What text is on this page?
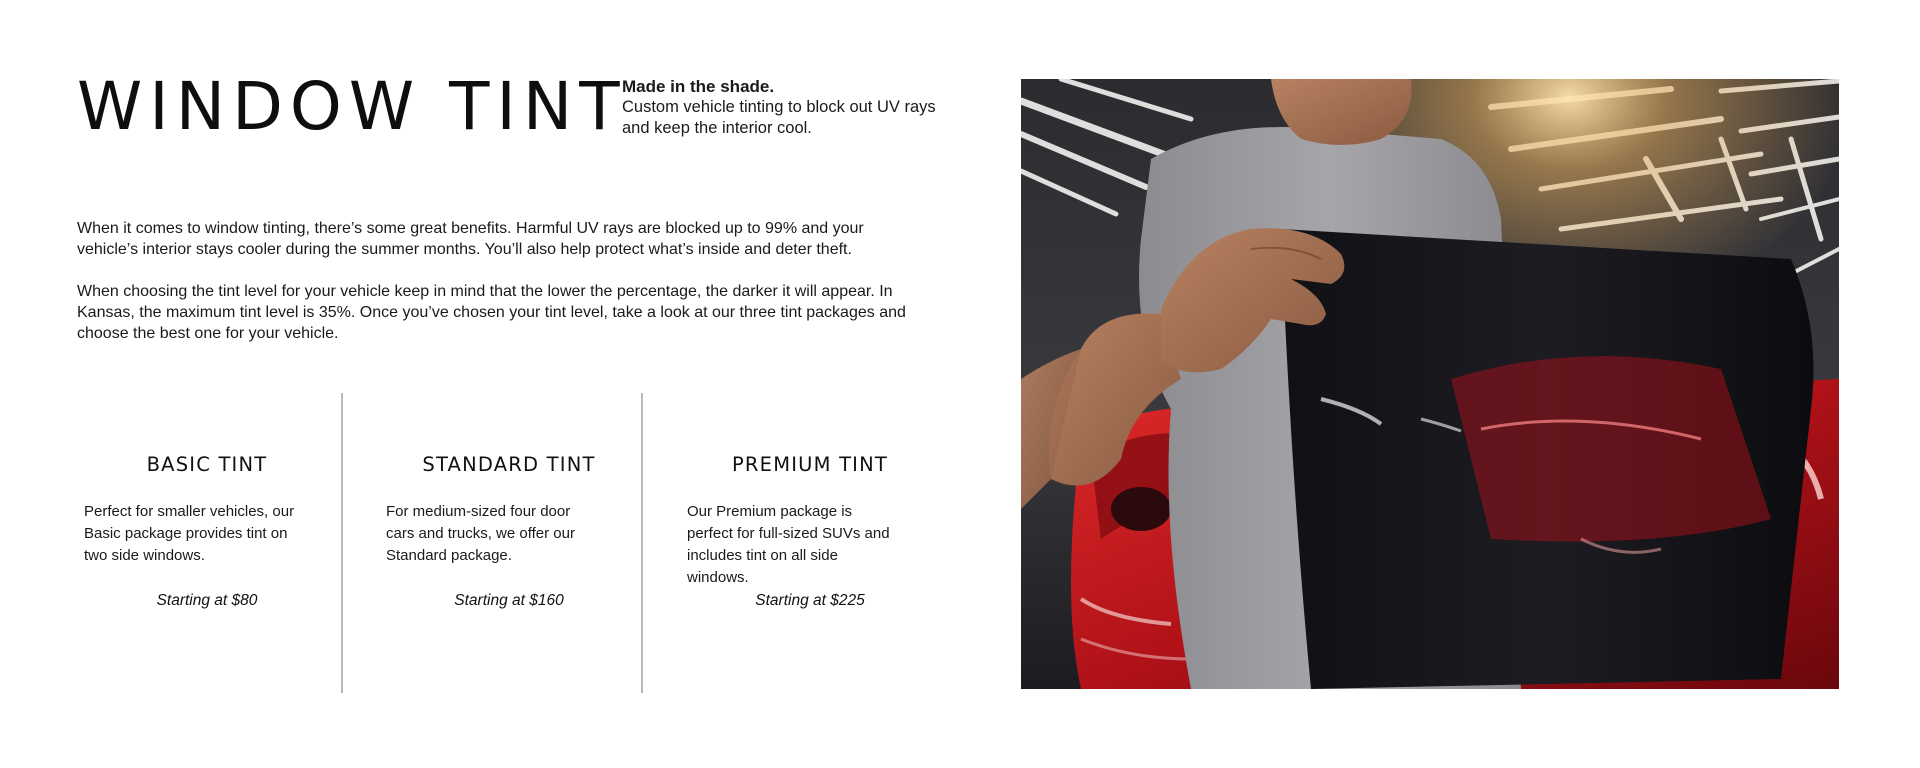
WINDOW TINT
Made in the shade.
Custom vehicle tinting to block out UV rays and keep the interior cool.

When it comes to window tinting, there’s some great benefits. Harmful UV rays are blocked up to 99% and your vehicle’s interior stays cooler during the summer months. You’ll also help protect what’s inside and deter theft.

When choosing the tint level for your vehicle keep in mind that the lower the percentage, the darker it will appear. In Kansas, the maximum tint level is 35%. Once you’ve chosen your tint level, take a look at our three tint packages and choose the best one for your vehicle.

BASIC TINT

Perfect for smaller vehicles, our Basic package provides tint on two side windows.

Starting at $80

STANDARD TINT

For medium-sized four door cars and trucks, we offer our Standard package.

Starting at $160

PREMIUM TINT

Our Premium package is perfect for full-sized SUVs and includes tint on all side windows.

Starting at $225
